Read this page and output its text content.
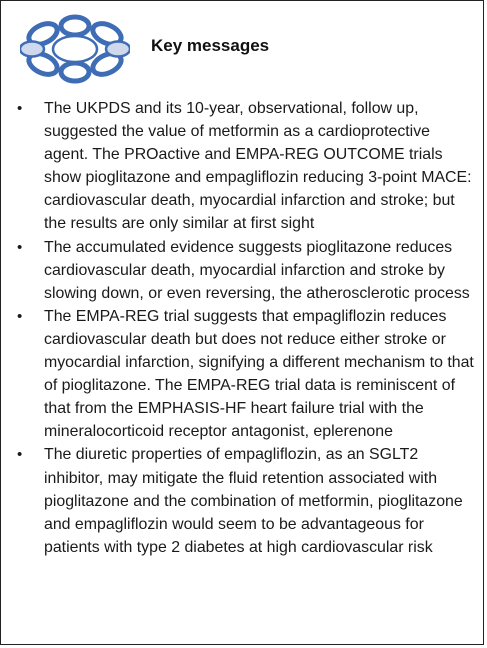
Key messages
• The UKPDS and its 10-year, observational, follow up, suggested the value of metformin as a cardioprotective agent. The PROactive and EMPA-REG OUTCOME trials show pioglitazone and empagliflozin reducing 3-point MACE: cardiovascular death, myocardial infarction and stroke; but the results are only similar at first sight
• The accumulated evidence suggests pioglitazone reduces cardiovascular death, myocardial infarction and stroke by slowing down, or even reversing, the atherosclerotic process
• The EMPA-REG trial suggests that empagliflozin reduces cardiovascular death but does not reduce either stroke or myocardial infarction, signifying a different mechanism to that of pioglitazone. The EMPA-REG trial data is reminiscent of that from the EMPHASIS-HF heart failure trial with the mineralocorticoid receptor antagonist, eplerenone
• The diuretic properties of empagliflozin, as an SGLT2 inhibitor, may mitigate the fluid retention associated with pioglitazone and the combination of metformin, pioglitazone and empagliflozin would seem to be advantageous for patients with type 2 diabetes at high cardiovascular risk
